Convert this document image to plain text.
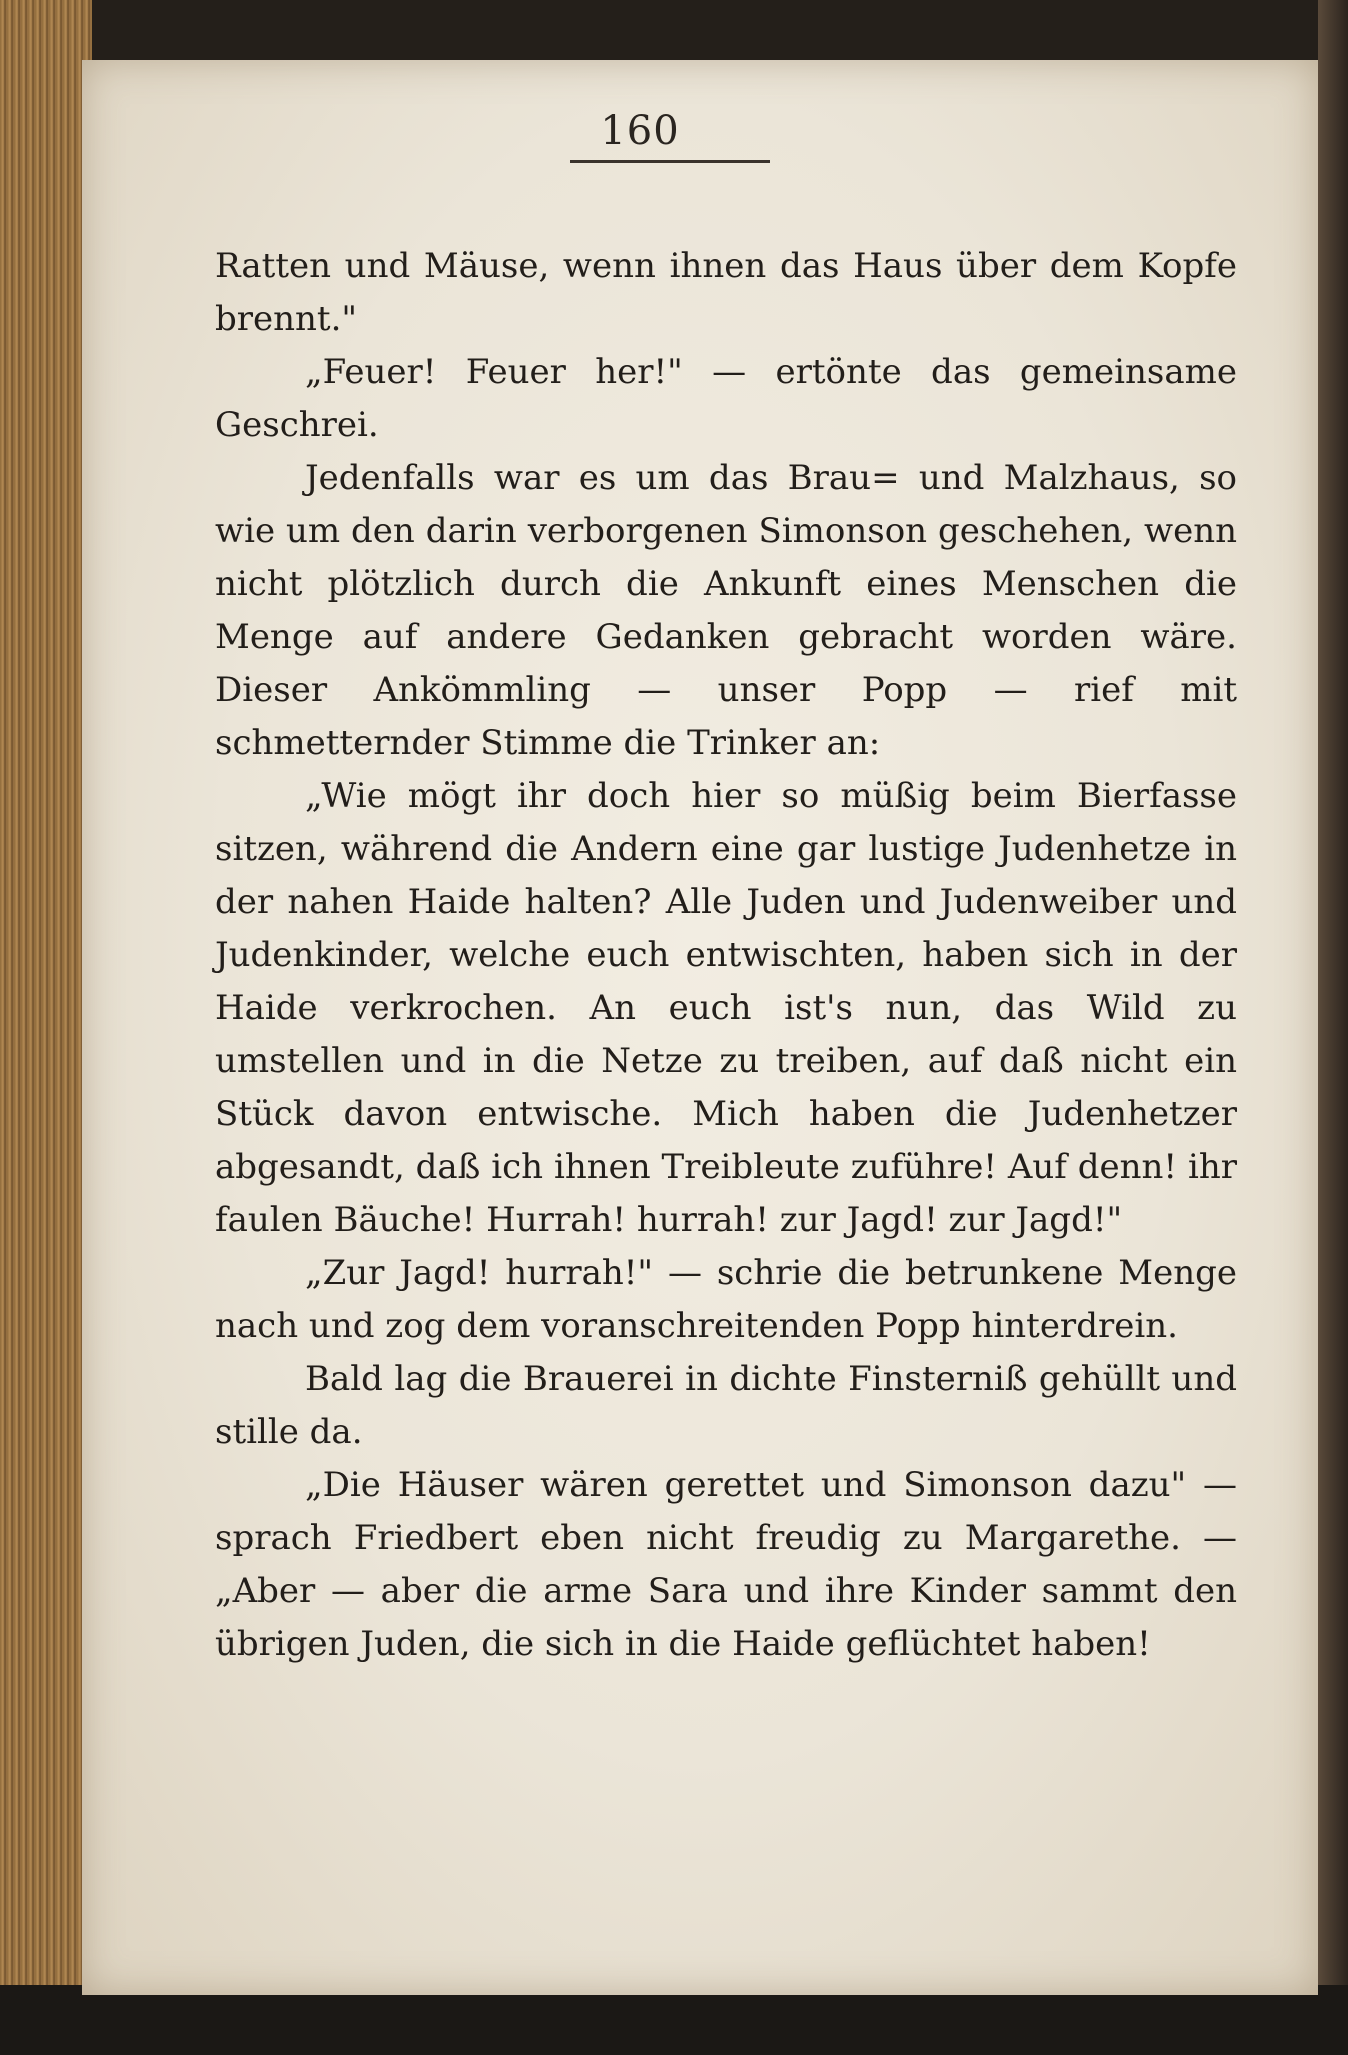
160

Ratten und Mäuse, wenn ihnen das Haus über dem Kopfe brennt."

„Feuer! Feuer her!" — ertönte das gemeinsame Geschrei.

Jedenfalls war es um das Brau= und Malzhaus, so wie um den darin verborgenen Simonson geschehen, wenn nicht plötzlich durch die Ankunft eines Menschen die Menge auf andere Gedanken gebracht worden wäre. Dieser Ankömmling — unser Popp — rief mit schmetternder Stimme die Trinker an:

„Wie mögt ihr doch hier so müßig beim Bierfasse sitzen, während die Andern eine gar lustige Judenhetze in der nahen Haide halten? Alle Juden und Judenweiber und Judenkinder, welche euch entwischten, haben sich in der Haide verkrochen. An euch ist's nun, das Wild zu umstellen und in die Netze zu treiben, auf daß nicht ein Stück davon entwische. Mich haben die Judenhetzer abgesandt, daß ich ihnen Treibleute zuführe! Auf denn! ihr faulen Bäuche! Hurrah! hurrah! zur Jagd! zur Jagd!"

„Zur Jagd! hurrah!" — schrie die betrunkene Menge nach und zog dem voranschreitenden Popp hinterdrein.

Bald lag die Brauerei in dichte Finsterniß gehüllt und stille da.

„Die Häuser wären gerettet und Simonson dazu" — sprach Friedbert eben nicht freudig zu Margarethe. — „Aber — aber die arme Sara und ihre Kinder sammt den übrigen Juden, die sich in die Haide geflüchtet haben!
